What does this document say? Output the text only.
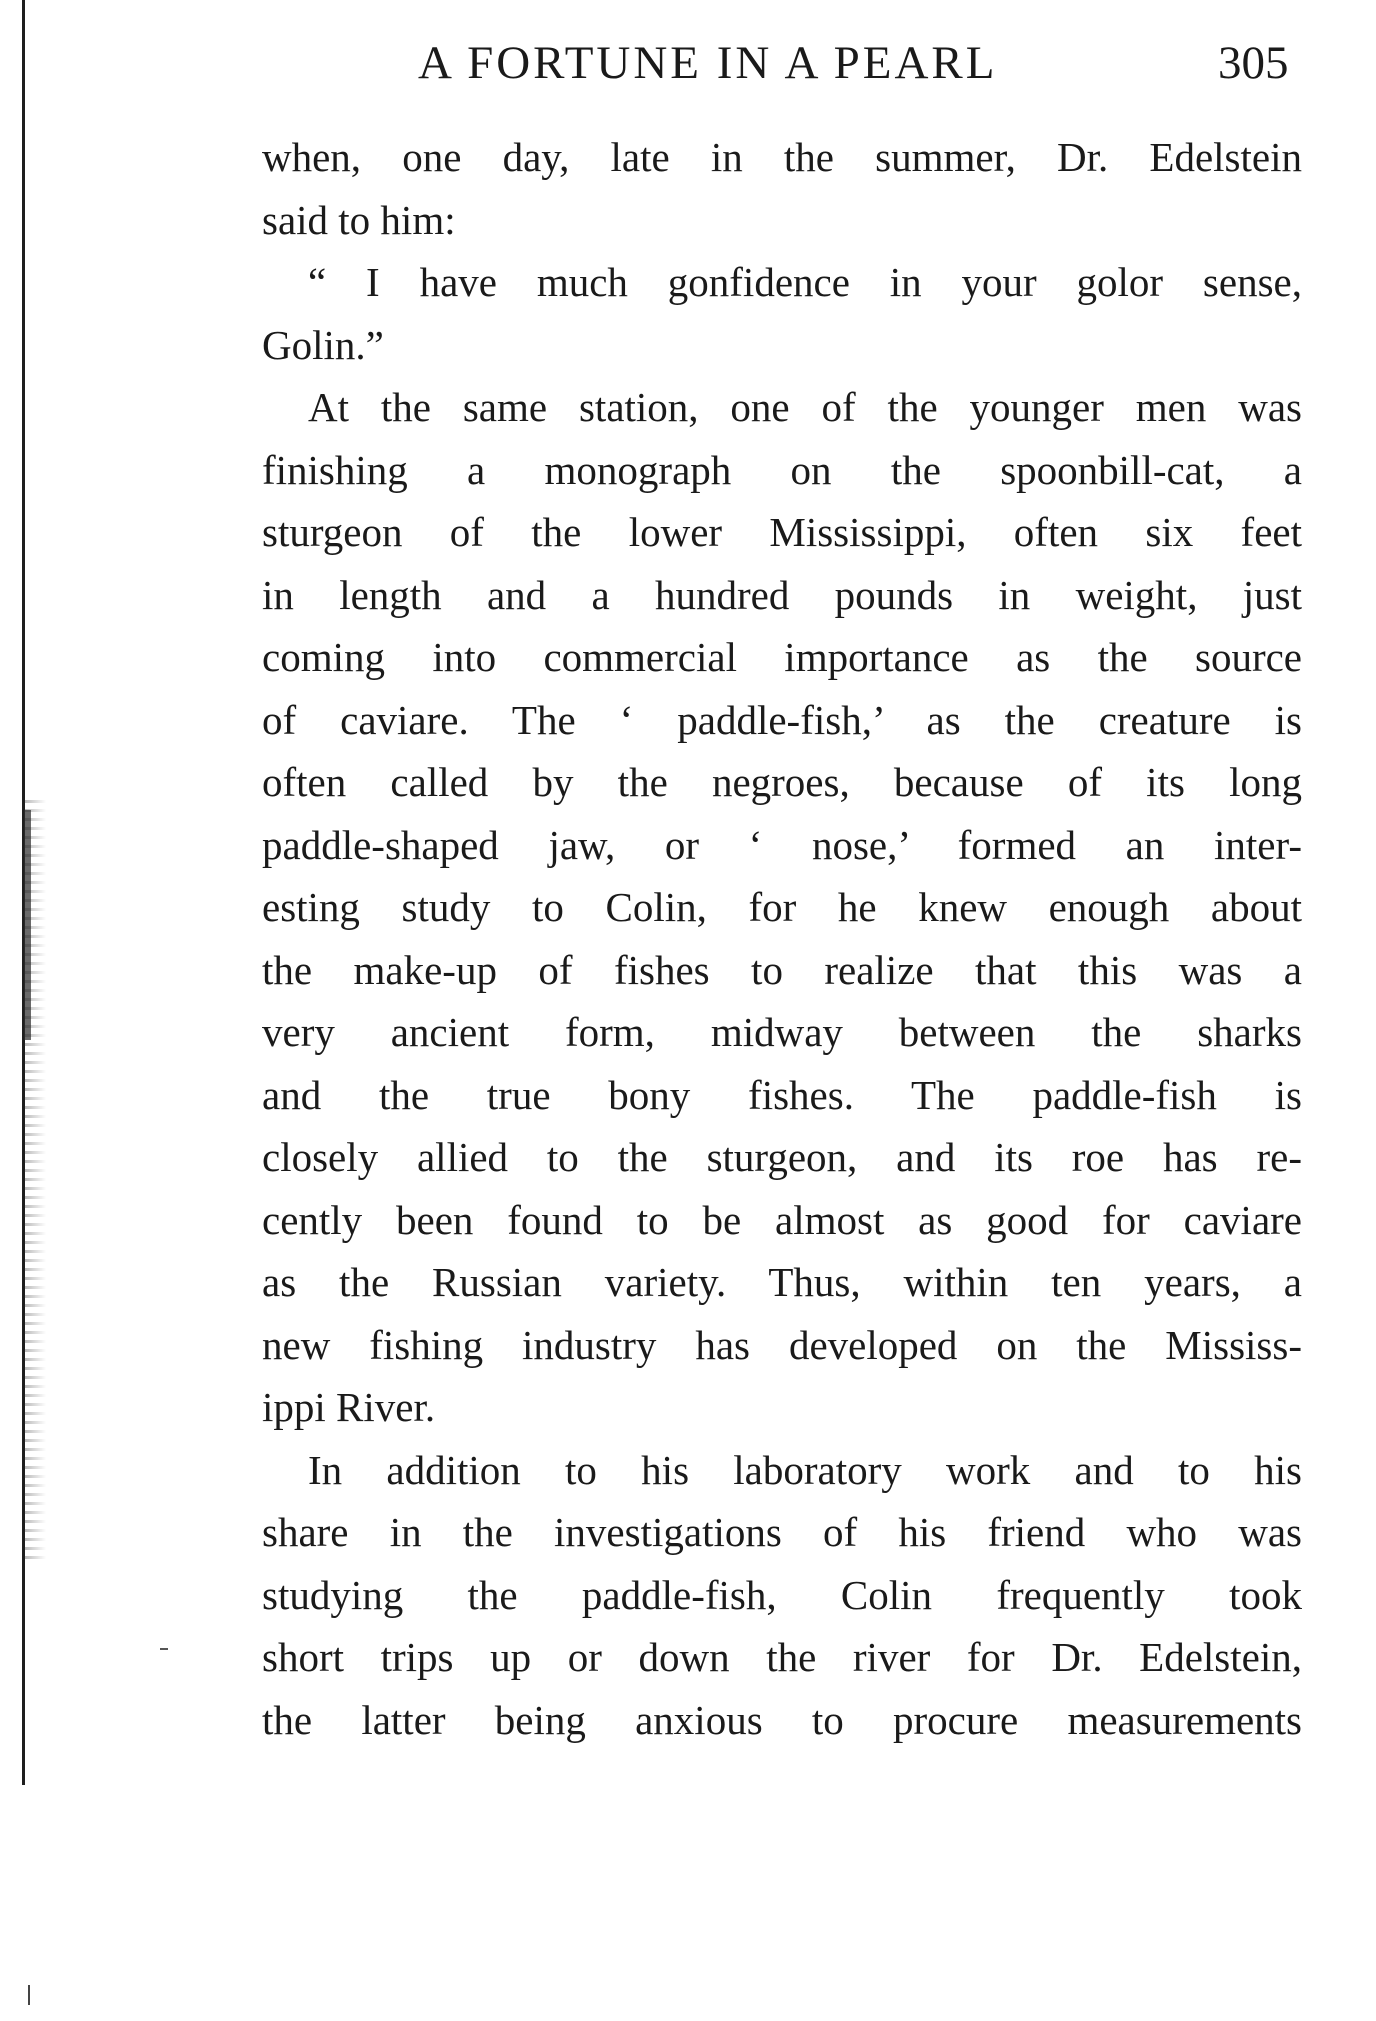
A FORTUNE IN A PEARL	305
when, one day, late in the summer, Dr. Edelstein
said to him:
“ I have much gonfidence in your golor sense,
Golin.”
At the same station, one of the younger men was
finishing a monograph on the spoonbill-cat, a
sturgeon of the lower Mississippi, often six feet
in length and a hundred pounds in weight, just
coming into commercial importance as the source
of caviare. The ‘ paddle-fish,’ as the creature is
often called by the negroes, because of its long
paddle-shaped jaw, or ‘ nose,’ formed an inter-
esting study to Colin, for he knew enough about
the make-up of fishes to realize that this was a
very ancient form, midway between the sharks
and the true bony fishes. The paddle-fish is
closely allied to the sturgeon, and its roe has re-
cently been found to be almost as good for caviare
as the Russian variety. Thus, within ten years, a
new fishing industry has developed on the Mississ-
ippi River.
In addition to his laboratory work and to his
share in the investigations of his friend who was
studying the paddle-fish, Colin frequently took
short trips up or down the river for Dr. Edelstein,
the latter being anxious to procure measurements
